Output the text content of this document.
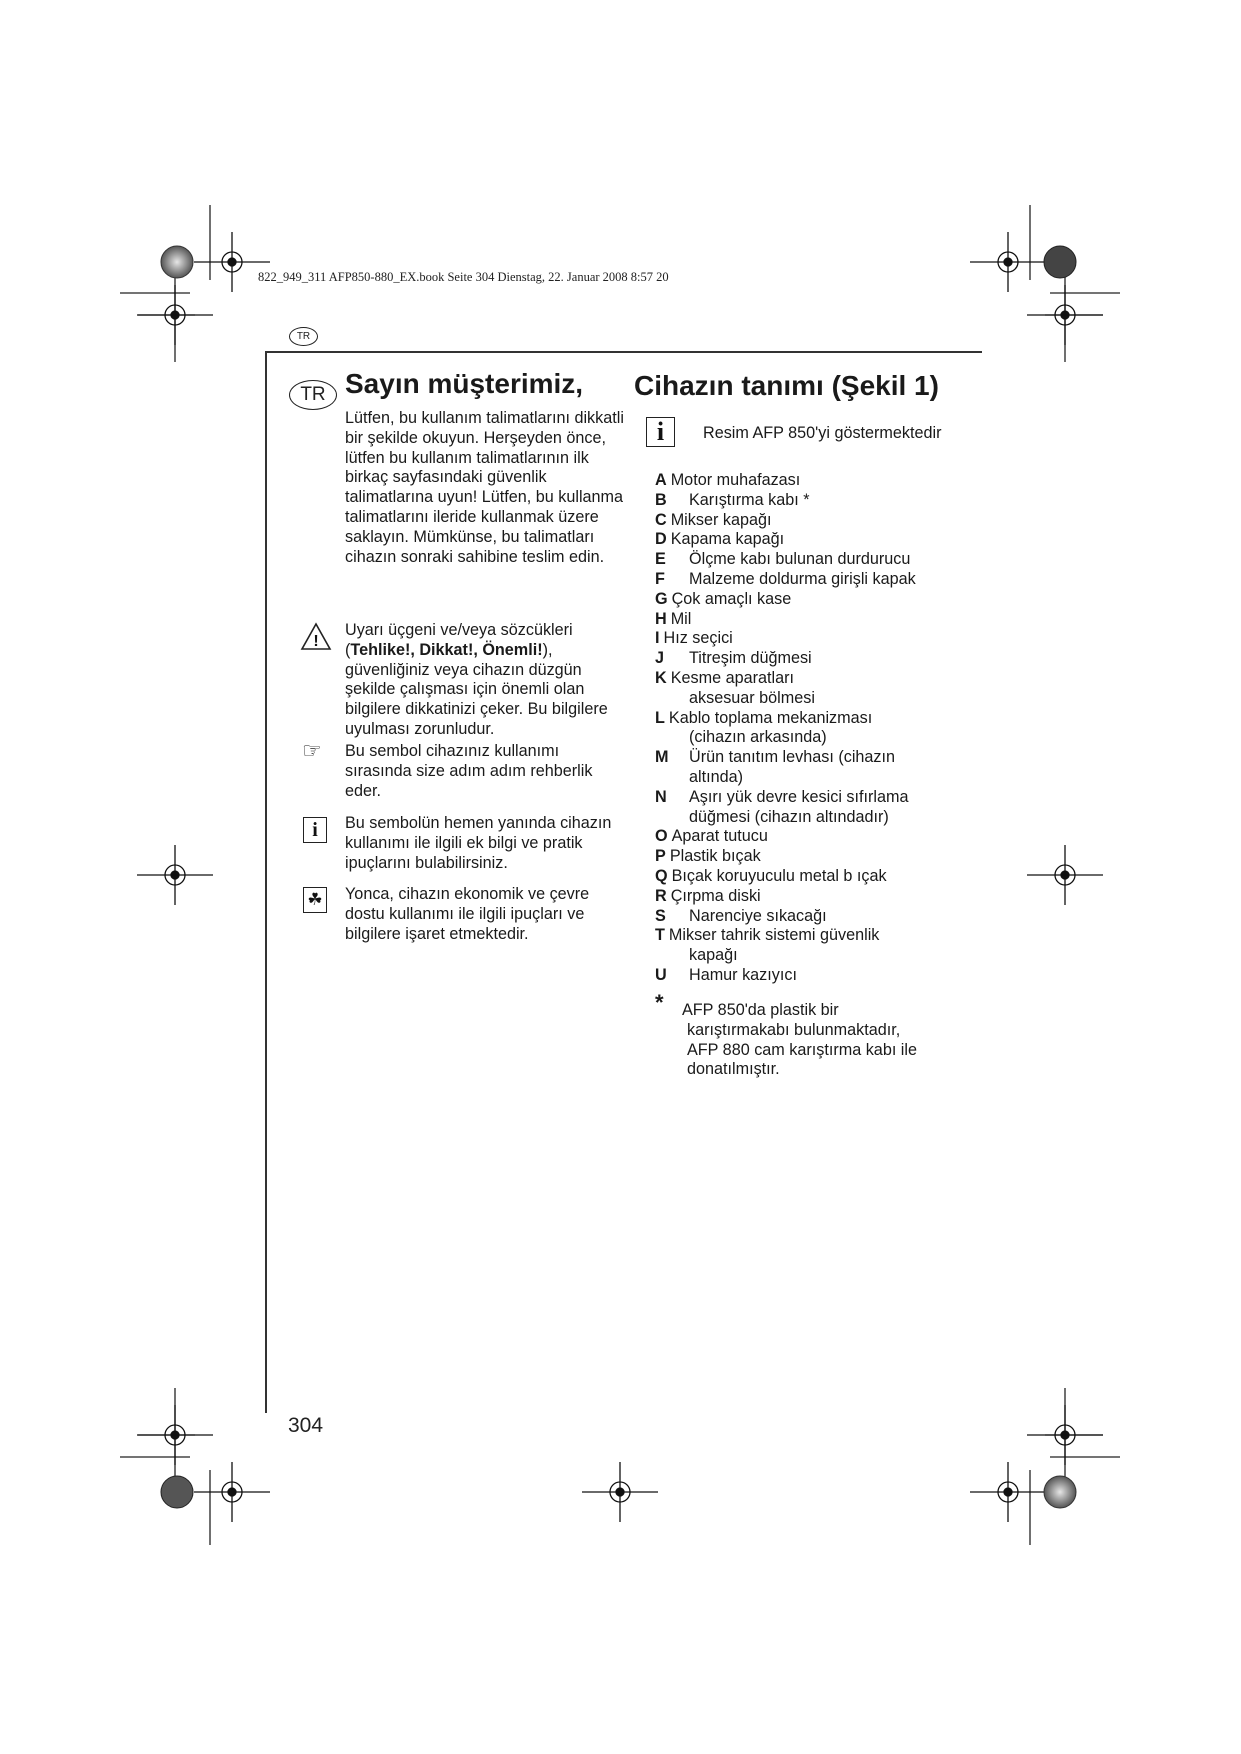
822_949_311 AFP850-880_EX.book Seite 304 Dienstag, 22. Januar 2008 8:57 20
TR
TR Sayın müşterimiz,
Lütfen, bu kullanım talimatlarını dikkatli bir şekilde okuyun. Herşeyden önce, lütfen bu kullanım talimatlarının ilk birkaç sayfasındaki güvenlik talimatlarına uyun! Lütfen, bu kullanma talimatlarını ileride kullanmak üzere saklayın. Mümkünse, bu talimatları cihazın sonraki sahibine teslim edin.
!
Uyarı üçgeni ve/veya sözcükleri (Tehlike!, Dikkat!, Önemli!), güvenliğiniz veya cihazın düzgün şekilde çalışması için önemli olan bilgilere dikkatinizi çeker. Bu bilgilere uyulması zorunludur.
☞ Bu sembol cihazınız kullanımı sırasında size adım adım rehberlik eder.
i	Bu sembolün hemen yanında cihazın kullanımı ile ilgili ek bilgi ve pratik ipuçlarını bulabilirsiniz.
☘ Yonca, cihazın ekonomik ve çevre dostu kullanımı ile ilgili ipuçları ve bilgilere işaret etmektedir.
Cihazın tanımı (Şekil 1)
i	Resim AFP 850'yi göstermektedir
A Motor muhafazası
B Karıştırma kabı *
C Mikser kapağı
D Kapama kapağı
E Ölçme kabı bulunan durdurucu
F Malzeme doldurma girişli kapak
G Çok amaçlı kase
H Mil
I Hız seçici
J Titreşim düğmesi
K Kesme aparatları
aksesuar bölmesi
L Kablo toplama mekanizması
(cihazın arkasında)
M Ürün tanıtım levhası (cihazın
altında)
N Aşırı yük devre kesici sıfırlama
düğmesi (cihazın altındadır)
O Aparat tutucu
P Plastik bıçak
Q Bıçak koruyuculu metal b ıçak
R Çırpma diski
S Narenciye sıkacağı
T Mikser tahrik sistemi güvenlik
kapağı
U Hamur kazıyıcı
* AFP 850'da plastik bir
karıştırmakabı bulunmaktadır,
AFP 880 cam karıştırma kabı ile
donatılmıştır.
304
